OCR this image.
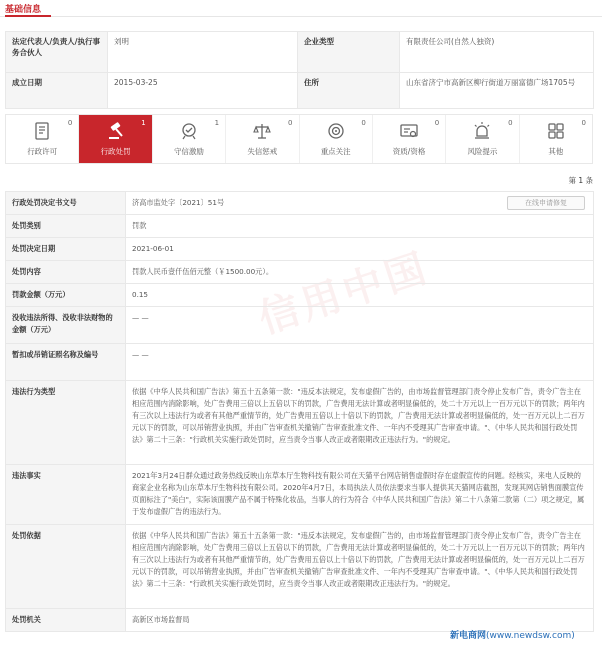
基础信息
法定代表人/负责人/执行事务合伙人	刘明	企业类型	有限责任公司(自然人独资)
成立日期	2015-03-25	住所	山东省济宁市高新区柳行街道万丽富德广场1705号
0
行政许可
1
行政处罚
1
守信激励
0
失信惩戒
0
重点关注
0
资质/资格
0
风险提示
0
其他
第 1 条
信用中国
行政处罚决定书文号	济高市监处字〔2021〕51号 在线申请修复

处罚类别	罚款
处罚决定日期	2021-06-01
处罚内容	罚款人民币壹仟伍佰元整（￥1500.00元）。
罚款金额（万元）	0.15
没收违法所得、没收非法财物的金额（万元）	— —
暂扣或吊销证照名称及编号	— —
违法行为类型	依据《中华人民共和国广告法》第五十五条第一款："违反本法规定，发布虚假广告的，由市场监督管理部门责令停止发布广告，责令广告主在相应范围内消除影响，处广告费用三倍以上五倍以下的罚款，广告费用无法计算或者明显偏低的，处二十万元以上一百万元以下的罚款；两年内有三次以上违法行为或者有其他严重情节的，处广告费用五倍以上十倍以下的罚款，广告费用无法计算或者明显偏低的，处一百万元以上二百万元以下的罚款，可以吊销营业执照，并由广告审查机关撤销广告审查批准文件、一年内不受理其广告审查申请。"、《中华人民共和国行政处罚法》第二十三条："行政机关实施行政处罚时，应当责令当事人改正或者限期改正违法行为。"的规定。
违法事实	2021年3月24日群众通过政务热线反映山东草本厅生物科技有限公司在天猫平台网店销售虚假时存在虚假宣传的问题。经核实，来电人反映的商家企业名称为山东草本厅生物科技有限公司。2020年4月7日，本局执法人员依法要求当事人提供其天猫网店截图，发现其网店销售面膜宣传页面标注了"美白"，实际该面膜产品不属于特殊化妆品，当事人的行为符合《中华人民共和国广告法》第二十八条第二款第（二）项之规定，属于发布虚假广告的违法行为。
处罚依据	依据《中华人民共和国广告法》第五十五条第一款："违反本法规定，发布虚假广告的，由市场监督管理部门责令停止发布广告，责令广告主在相应范围内消除影响，处广告费用三倍以上五倍以下的罚款，广告费用无法计算或者明显偏低的，处二十万元以上一百万元以下的罚款；两年内有三次以上违法行为或者有其他严重情节的，处广告费用五倍以上十倍以下的罚款，广告费用无法计算或者明显偏低的，处一百万元以上二百万元以下的罚款，可以吊销营业执照，并由广告审查机关撤销广告审查批准文件、一年内不受理其广告审查申请。"、《中华人民共和国行政处罚法》第二十三条："行政机关实施行政处罚时，应当责令当事人改正或者限期改正违法行为。"的规定。
处罚机关	高新区市场监督局
新电商网(www.newdsw.com)
